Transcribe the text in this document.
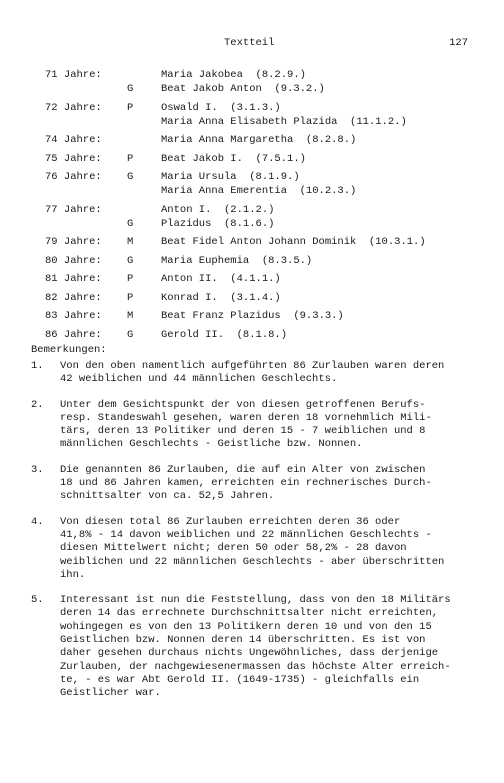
Textteil	127
71 Jahre:	Maria Jakobea  (8.2.9.)
G	Beat Jakob Anton  (9.3.2.)
72 Jahre: P	Oswald I.  (3.1.3.)
Maria Anna Elisabeth Plazida  (11.1.2.)
74 Jahre:	Maria Anna Margaretha  (8.2.8.)
75 Jahre: P	Beat Jakob I.  (7.5.1.)
76 Jahre: G	Maria Ursula  (8.1.9.)
Maria Anna Emerentia  (10.2.3.)
77 Jahre:	Anton I.  (2.1.2.)
G	Plazidus  (8.1.6.)
79 Jahre: M	Beat Fidel Anton Johann Dominik  (10.3.1.)
80 Jahre: G	Maria Euphemia  (8.3.5.)
81 Jahre: P	Anton II.  (4.1.1.)
82 Jahre: P	Konrad I.  (3.1.4.)
83 Jahre: M	Beat Franz Plazidus  (9.3.3.)
86 Jahre: G	Gerold II.  (8.1.8.)
Bemerkungen:
1. Von den oben namentlich aufgeführten 86 Zurlauben waren deren
42 weiblichen und 44 männlichen Geschlechts.
2. Unter dem Gesichtspunkt der von diesen getroffenen Berufs-
resp. Standeswahl gesehen, waren deren 18 vornehmlich Mili-
tärs, deren 13 Politiker und deren 15 - 7 weiblichen und 8
männlichen Geschlechts - Geistliche bzw. Nonnen.
3. Die genannten 86 Zurlauben, die auf ein Alter von zwischen
18 und 86 Jahren kamen, erreichten ein rechnerisches Durch-
schnittsalter von ca. 52,5 Jahren.
4. Von diesen total 86 Zurlauben erreichten deren 36 oder
41,8% - 14 davon weiblichen und 22 männlichen Geschlechts -
diesen Mittelwert nicht; deren 50 oder 58,2% - 28 davon
weiblichen und 22 männlichen Geschlechts - aber überschritten
ihn.
5. Interessant ist nun die Feststellung, dass von den 18 Militärs
deren 14 das errechnete Durchschnittsalter nicht erreichten,
wohingegen es von den 13 Politikern deren 10 und von den 15
Geistlichen bzw. Nonnen deren 14 überschritten. Es ist von
daher gesehen durchaus nichts Ungewöhnliches, dass derjenige
Zurlauben, der nachgewiesenermassen das höchste Alter erreich-
te, - es war Abt Gerold II. (1649-1735) - gleichfalls ein
Geistlicher war.
